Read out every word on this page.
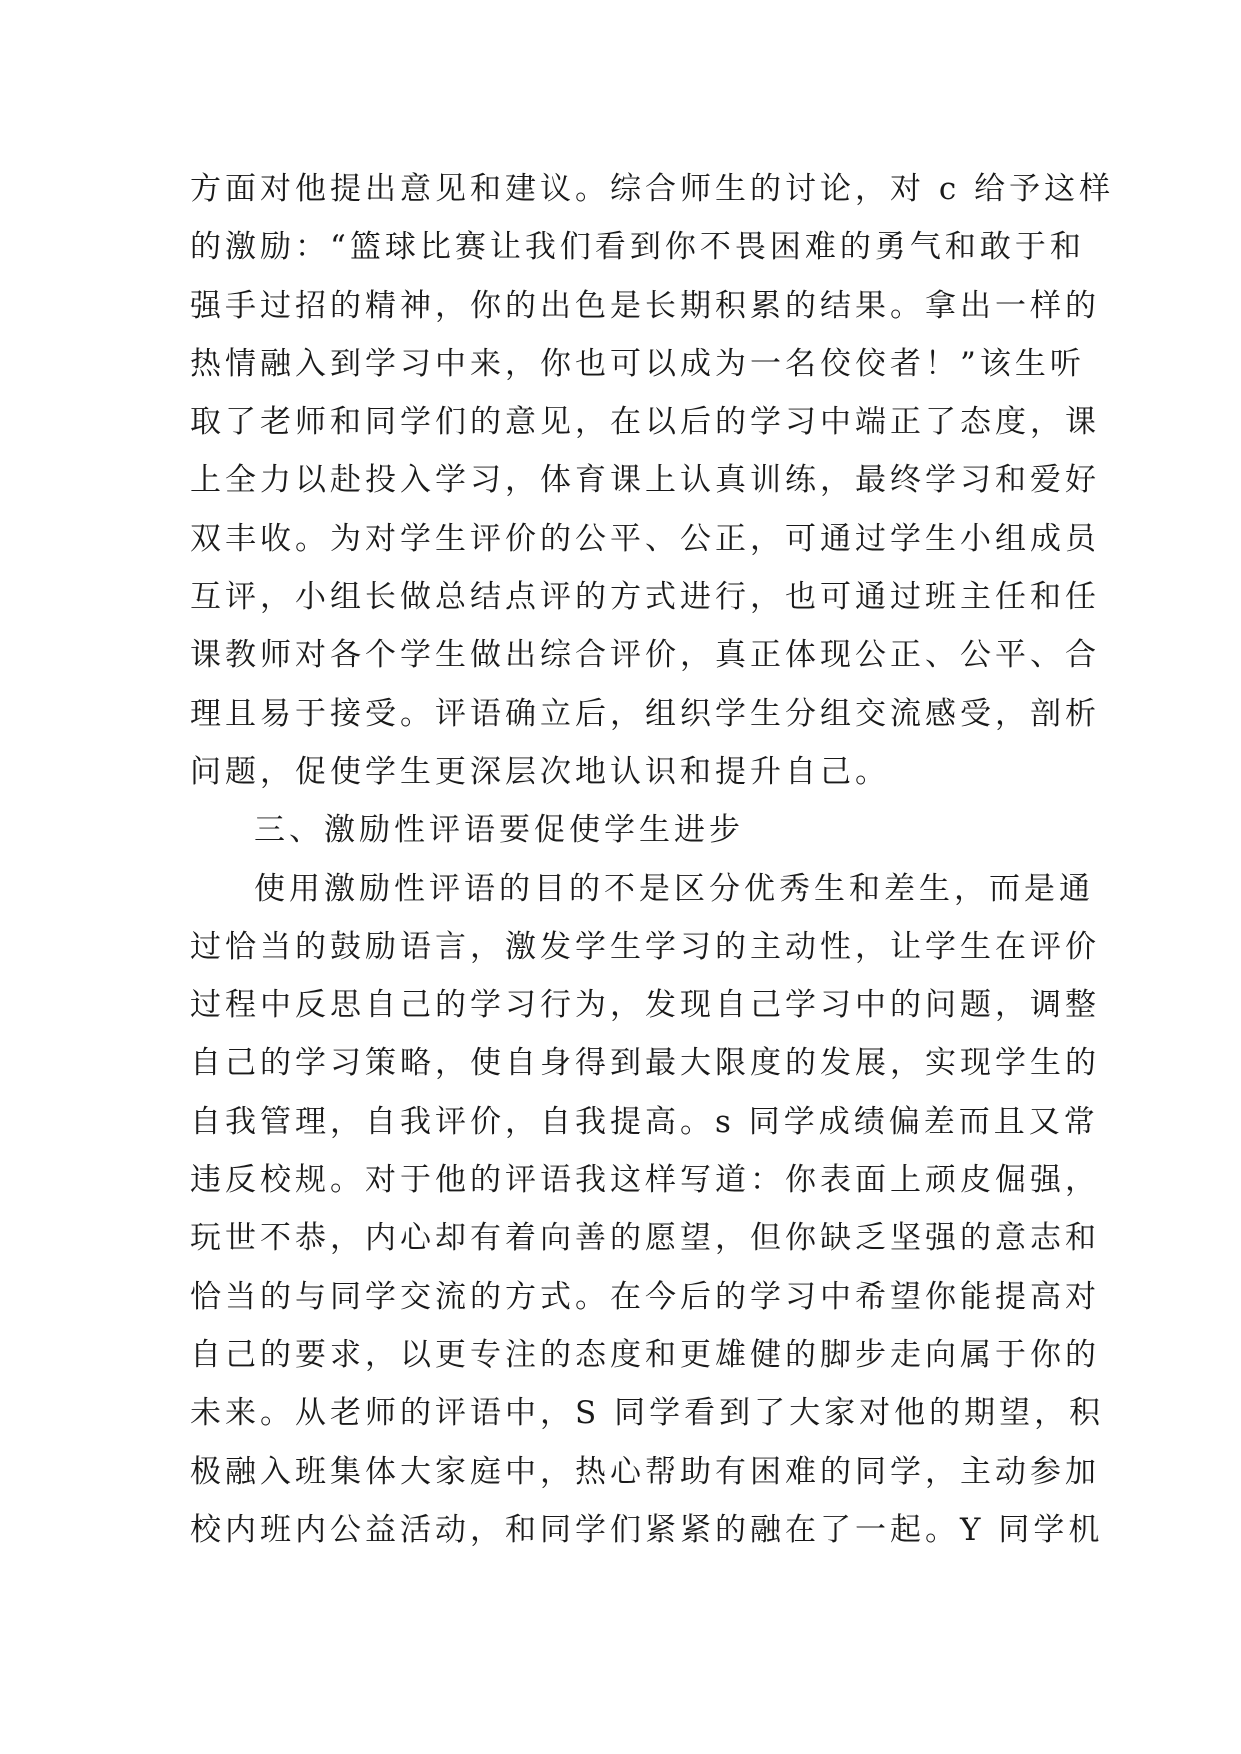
方面对他提出意见和建议。综合师生的讨论，对 c 给予这样
的激励：“篮球比赛让我们看到你不畏困难的勇气和敢于和
强手过招的精神，你的出色是长期积累的结果。拿出一样的
热情融入到学习中来，你也可以成为一名佼佼者！”该生听
取了老师和同学们的意见，在以后的学习中端正了态度，课
上全力以赴投入学习，体育课上认真训练，最终学习和爱好
双丰收。为对学生评价的公平、公正，可通过学生小组成员
互评，小组长做总结点评的方式进行，也可通过班主任和任
课教师对各个学生做出综合评价，真正体现公正、公平、合
理且易于接受。评语确立后，组织学生分组交流感受，剖析
问题，促使学生更深层次地认识和提升自己。
三、激励性评语要促使学生进步
使用激励性评语的目的不是区分优秀生和差生，而是通
过恰当的鼓励语言，激发学生学习的主动性，让学生在评价
过程中反思自己的学习行为，发现自己学习中的问题，调整
自己的学习策略，使自身得到最大限度的发展，实现学生的
自我管理，自我评价，自我提高。s 同学成绩偏差而且又常
违反校规。对于他的评语我这样写道：你表面上顽皮倔强，
玩世不恭，内心却有着向善的愿望，但你缺乏坚强的意志和
恰当的与同学交流的方式。在今后的学习中希望你能提高对
自己的要求，以更专注的态度和更雄健的脚步走向属于你的
未来。从老师的评语中，S 同学看到了大家对他的期望，积
极融入班集体大家庭中，热心帮助有困难的同学，主动参加
校内班内公益活动，和同学们紧紧的融在了一起。Y 同学机
